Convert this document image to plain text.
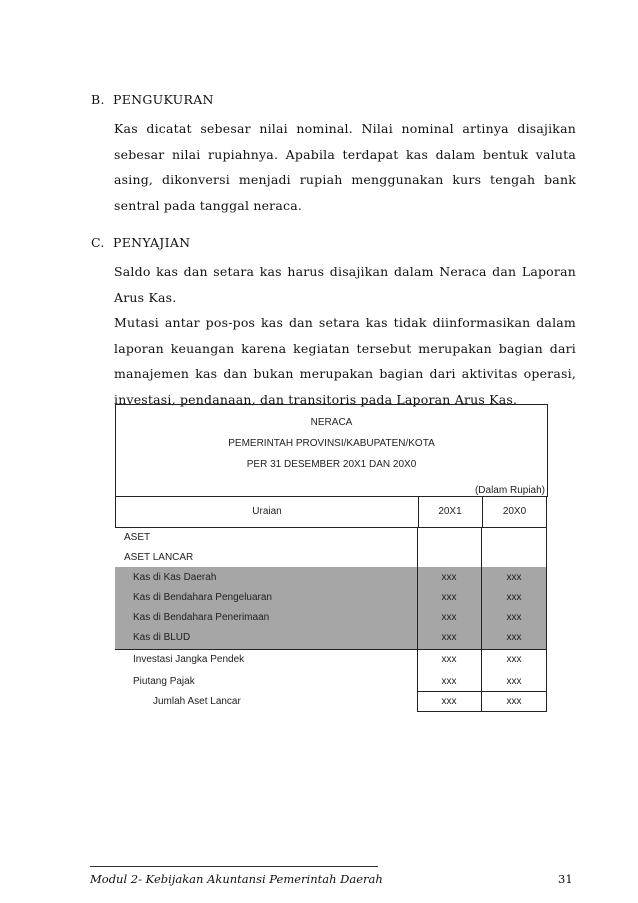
B. PENGUKURAN

Kas dicatat sebesar nilai nominal. Nilai nominal artinya disajikan

sebesar nilai rupiahnya. Apabila terdapat kas dalam bentuk valuta

asing, dikonversi menjadi rupiah menggunakan kurs tengah bank

sentral pada tanggal neraca.

C. PENYAJIAN

Saldo kas dan setara kas harus disajikan dalam Neraca dan Laporan

Arus Kas.

Mutasi antar pos-pos kas dan setara kas tidak diinformasikan dalam

laporan keuangan karena kegiatan tersebut merupakan bagian dari

manajemen kas dan bukan merupakan bagian dari aktivitas operasi,

investasi, pendanaan, dan transitoris pada Laporan Arus Kas.

NERACA
PEMERINTAH PROVINSI/KABUPATEN/KOTA
PER 31 DESEMBER 20X1 DAN 20X0
(Dalam Rupiah)
Uraian	20X1	20X0
ASET
ASET LANCAR
Kas di Kas Daerah	xxx	xxx
Kas di Bendahara Pengeluaran	xxx	xxx
Kas di Bendahara Penerimaan	xxx	xxx
Kas di BLUD	xxx	xxx
Investasi Jangka Pendek	xxx	xxx
Piutang Pajak	xxx	xxx
Jumlah Aset Lancar	xxx	xxx
Modul 2- Kebijakan Akuntansi Pemerintah Daerah	31
